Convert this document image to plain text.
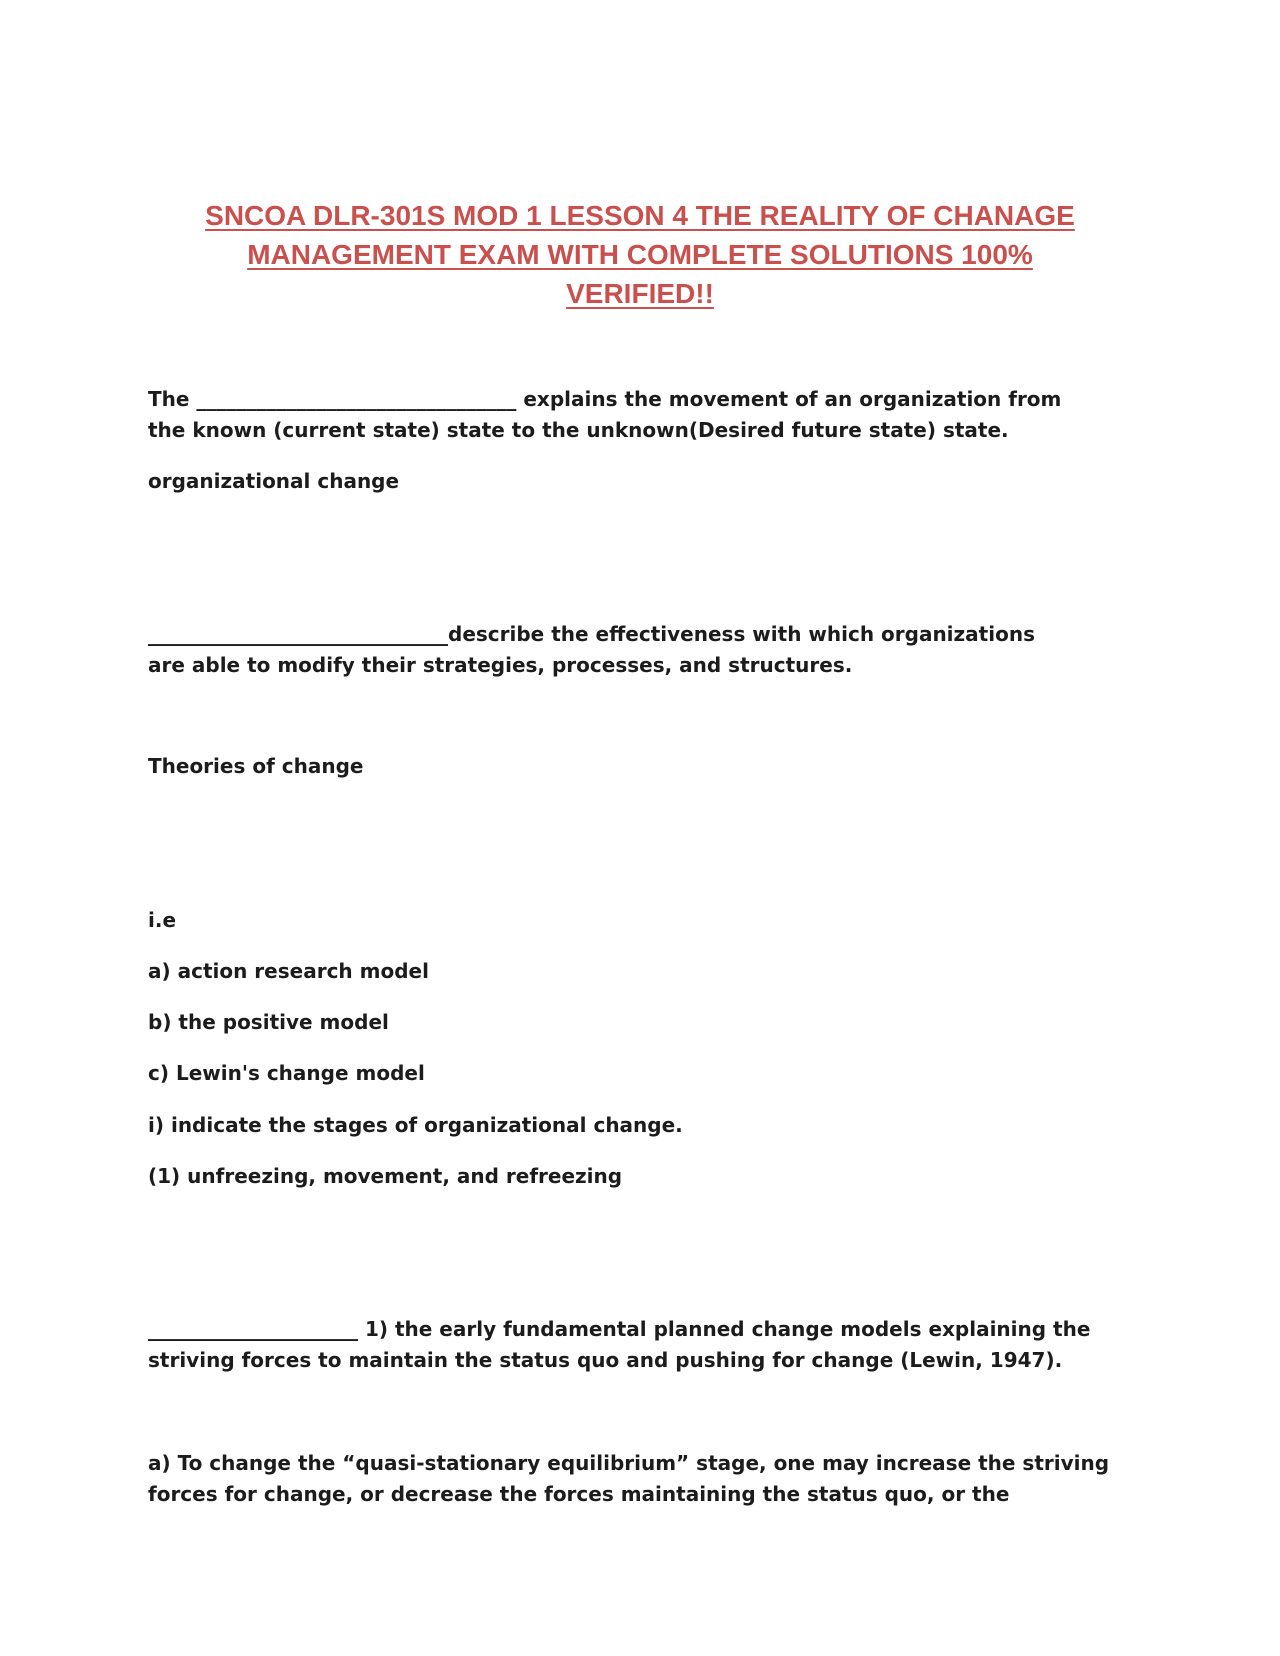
SNCOA DLR-301S MOD 1 LESSON 4 THE REALITY OF CHANAGE
MANAGEMENT EXAM WITH COMPLETE SOLUTIONS 100%
VERIFIED!!
The ________________________________ explains the movement of an organization from
the known (current state) state to the unknown(Desired future state) state.
organizational change
______________________________describe the effectiveness with which organizations
are able to modify their strategies, processes, and structures.
Theories of change
i.e
a) action research model
b) the positive model
c) Lewin's change model
i) indicate the stages of organizational change.
(1) unfreezing, movement, and refreezing
_____________________ 1) the early fundamental planned change models explaining the
striving forces to maintain the status quo and pushing for change (Lewin, 1947).
a) To change the “quasi-stationary equilibrium” stage, one may increase the striving
forces for change, or decrease the forces maintaining the status quo, or the
